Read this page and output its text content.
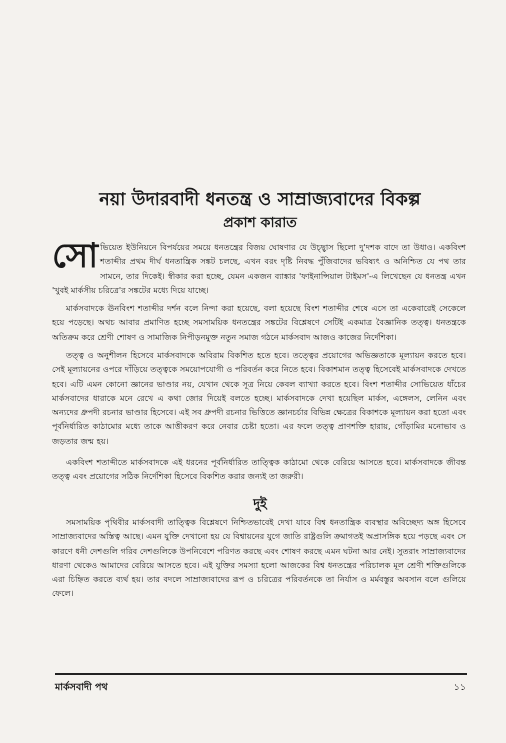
নয়া উদারবাদী ধনতন্ত্র ও সাম্রাজ্যবাদের বিকল্প
প্রকাশ কারাত
সোভিয়েত ইউনিয়নে বিপর্যয়ের সময়ে ধনতন্ত্রের বিজয় ঘোষণার যে উচ্ছ্বাস ছিলো দু'দশক বাদে তা উধাও। একবিংশ শতাব্দীর প্রথম দীর্ঘ ধনতান্ত্রিক সঙ্কট চলছে, এখন বরং দৃষ্টি নিবদ্ধ পুঁজিবাদের ভবিষ্যৎ ও অনিশ্চিত যে পথ তার সামনে, তার দিকেই। স্বীকার করা হচ্ছে, যেমন একজন ব্যাঙ্কার 'ফাইনান্সিয়াল টাইমস'-এ লিখেছেন যে ধনতন্ত্র এখন 'খুবই মার্কসীয় চরিত্রে'র সঙ্কটের মধ্যে দিয়ে যাচ্ছে।

মার্কসবাদকে ঊনবিংশ শতাব্দীর দর্শন বলে নিন্দা করা হয়েছে, বলা হয়েছে বিংশ শতাব্দীর শেষে এসে তা একেবারেই সেকেলে হয়ে পড়েছে। অথচ আবার প্রমাণিত হচ্ছে সমসাময়িক ধনতন্ত্রের সঙ্কটের বিশ্লেষণে সেটিই একমাত্র বৈজ্ঞানিক তত্ত্ব। ধনতন্ত্রকে অতিক্রম করে শ্রেণী শোষণ ও সামাজিক নিপীড়নমুক্ত নতুন সমাজ গঠনে মার্কসবাদ আজও কাজের নির্দেশিকা।

তত্ত্ব ও অনুশীলন হিসেবে মার্কসবাদকে অবিরাম বিকশিত হতে হবে। তত্ত্বের প্রয়োগের অভিজ্ঞতাকে মূল্যায়ন করতে হবে। সেই মূল্যায়নের ওপরে দাঁড়িয়ে তত্ত্বকে সময়োপযোগী ও পরিবর্তন করে নিতে হবে। বিকাশমান তত্ত্ব হিসেবেই মার্কসবাদকে দেখতে হবে। এটি এমন কোনো জ্ঞানের ভাণ্ডার নয়, যেখান থেকে সূত্র নিয়ে কেবল ব্যাখ্যা করতে হবে। বিংশ শতাব্দীর সোভিয়েত ধাঁচের মার্কসবাদের ধারাকে মনে রেখে এ কথা জোর দিয়েই বলতে হচ্ছে। মার্কসবাদকে দেখা হয়েছিল মার্কস, এঙ্গেলস, লেনিন এবং অন্যদের ধ্রুপদী রচনার ভাণ্ডার হিসেবে। এই সব ধ্রুপদী রচনার ভিত্তিতে জ্ঞানচর্চার বিভিন্ন ক্ষেত্রের বিকাশকে মূল্যায়ন করা হতো এবং পূর্বনির্ধারিত কাঠামোর মধ্যে তাকে আত্তীকরণ করে নেবার চেষ্টা হতো। এর ফলে তত্ত্ব প্রাণশক্তি হারায়, গোঁড়ামির মনোভাব ও জড়তার জন্ম হয়।

একবিংশ শতাব্দীতে মার্কসবাদকে এই ধরনের পূর্বনির্ধারিত তাত্ত্বিক কাঠামো থেকে বেরিয়ে আসতে হবে। মার্কসবাদকে জীবন্ত তত্ত্ব এবং প্রয়োগের সঠিক নির্দেশিকা হিসেবে বিকশিত করার জন্যই তা জরুরী।

দুই

সমসাময়িক পৃথিবীর মার্কসবাদী তাত্ত্বিক বিশ্লেষণে নিশ্চিতভাবেই দেখা যাবে বিশ্ব ধনতান্ত্রিক ব্যবস্থার অবিচ্ছেদ্য অঙ্গ হিসেবে সাম্রাজ্যবাদের অস্তিত্ব আছে। এমন যুক্তি দেখানো হয় যে বিশ্বায়নের যুগে জাতি রাষ্ট্রগুলি ক্রমাগতই অপ্রাসঙ্গিক হয়ে পড়ছে এবং সে কারণে ধনী দেশগুলি গরিব দেশগুলিকে উপনিবেশে পরিণত করছে এবং শোষণ করছে এমন ঘটনা আর নেই। সুতরাং সাম্রাজ্যবাদের ধারণা থেকেও আমাদের বেরিয়ে আসতে হবে। এই যুক্তির সমস্যা হলো আজকের বিশ্ব ধনতন্ত্রের পরিচালক মূল শ্রেণী শক্তিগুলিকে এরা চিহ্নিত করতে ব্যর্থ হয়। তার বদলে সাম্রাজ্যবাদের রূপ ও চরিত্রের পরিবর্তনকে তা নির্যাস ও মর্মবস্তুর অবসান বলে গুলিয়ে ফেলে।

মার্কসবাদী পথ	১১
